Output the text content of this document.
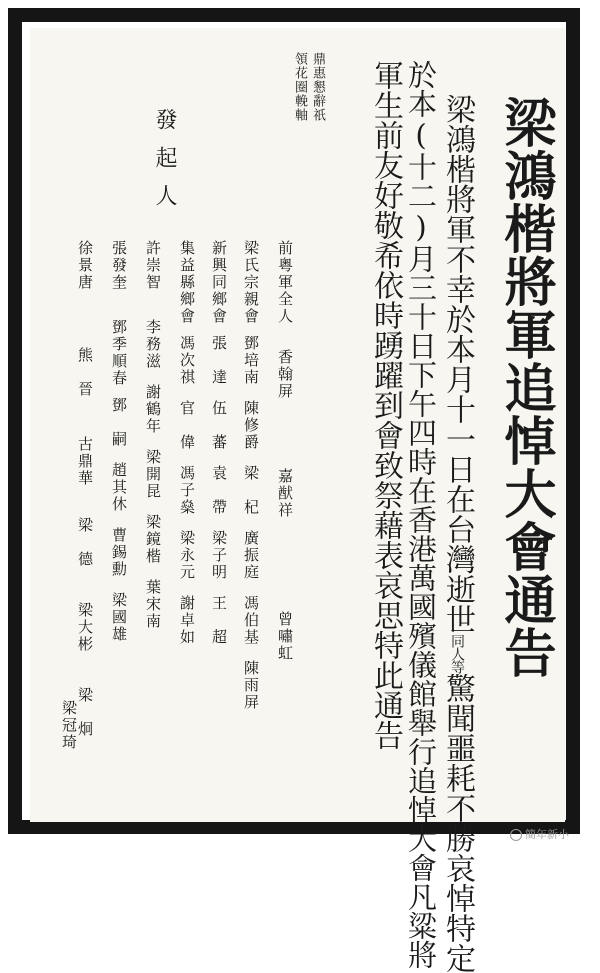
梁鴻楷將軍追悼大會通告
梁鴻楷將軍不幸於本月十一日在台灣逝世同人等驚聞噩耗不勝哀悼特定
於本(十二)月三十日下午四時在香港萬國殯儀館舉行追悼大會凡粱將
軍生前友好敬希依時踴躍到會致祭藉表哀思特此通告
鼎惠懇辭祇
領花圈輓軸
發起人
前粵軍全人香翰屏嘉猷祥曾嘯虹
梁氏宗親會鄧培南陳修爵梁　杞廣振庭馮伯基陳雨屏
新興同鄉會張　達伍　蕃袁　帶梁子明王　超
集益縣鄉會馮次祺官　偉馮子燊梁永元謝卓如
許崇智李務滋謝鶴年梁開昆梁鏡楷葉宋南
張發奎鄧季順春鄧　嗣趙其休曹錫勳梁國雄
徐景唐熊　晉古鼎華梁　德梁大彬梁　炯
梁冠琦
簡年新小
